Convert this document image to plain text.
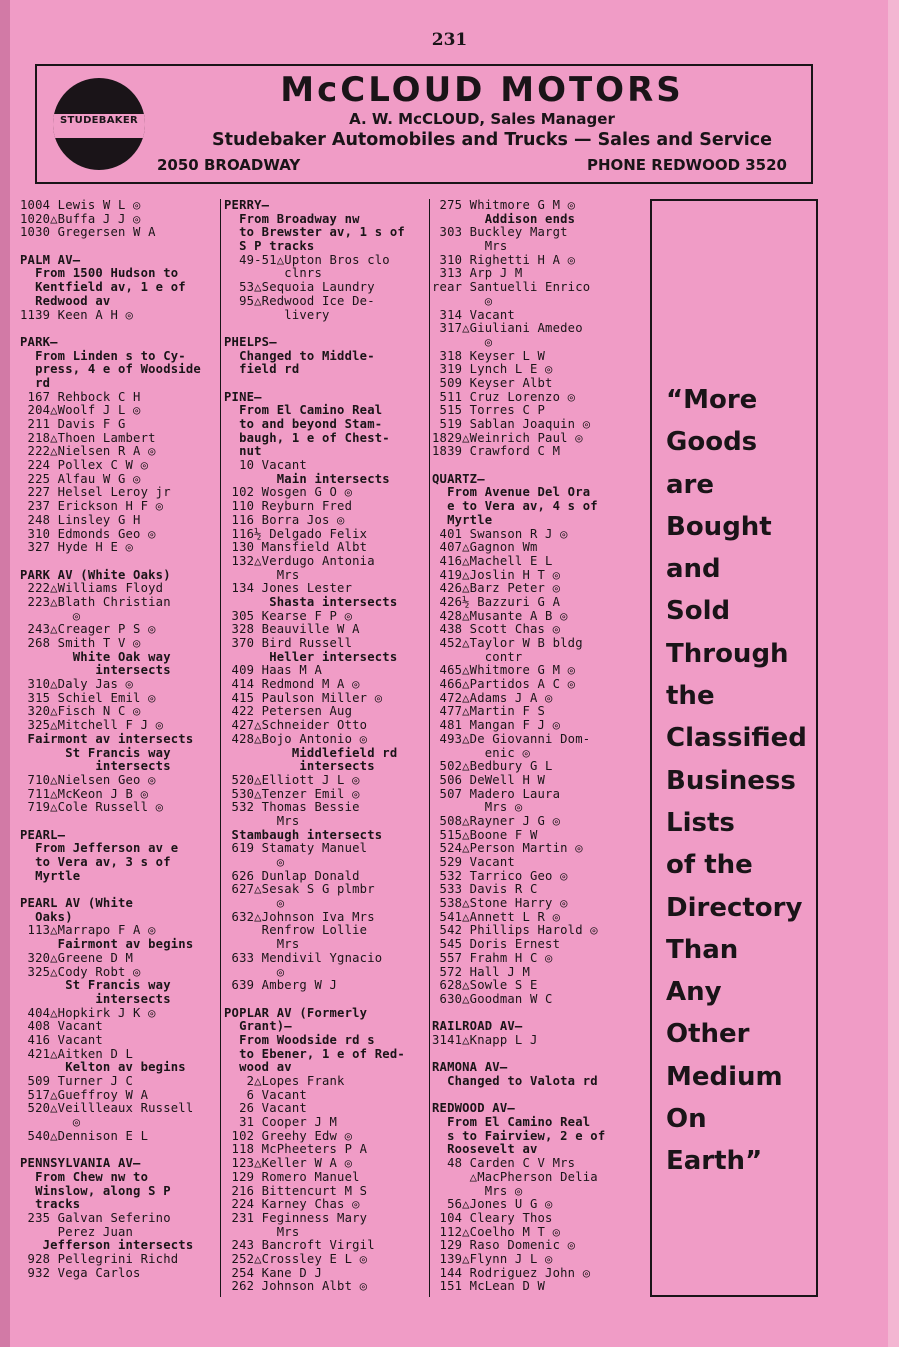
231
STUDEBAKER
McCLOUD MOTORS
A. W. McCLOUD, Sales Manager
Studebaker Automobiles and Trucks — Sales and Service
2050 BROADWAY	PHONE REDWOOD 3520
1004 Lewis W L ◎
1020△Buffa J J ◎
1030 Gregersen W A
PALM AV—
From 1500 Hudson to
Kentfield av, 1 e of
Redwood av
1139 Keen A H ◎
PARK—
From Linden s to Cy-
press, 4 e of Woodside
rd
167 Rehbock C H
204△Woolf J L ◎
211 Davis F G
218△Thoen Lambert
222△Nielsen R A ◎
224 Pollex C W ◎
225 Alfau W G ◎
227 Helsel Leroy jr
237 Erickson H F ◎
248 Linsley G H
310 Edmonds Geo ◎
327 Hyde H E ◎
PARK AV (White Oaks)
222△Williams Floyd
223△Blath Christian
◎
243△Creager P S ◎
268 Smith T V ◎
White Oak way
intersects
310△Daly Jas ◎
315 Schiel Emil ◎
320△Fisch N C ◎
325△Mitchell F J ◎
Fairmont av intersects
St Francis way
intersects
710△Nielsen Geo ◎
711△McKeon J B ◎
719△Cole Russell ◎
PEARL—
From Jefferson av e
to Vera av, 3 s of
Myrtle
PEARL AV (White
Oaks)
113△Marrapo F A ◎
Fairmont av begins
320△Greene D M
325△Cody Robt ◎
St Francis way
intersects
404△Hopkirk J K ◎
408 Vacant
416 Vacant
421△Aitken D L
Kelton av begins
509 Turner J C
517△Gueffroy W A
520△Veillleaux Russell
◎
540△Dennison E L
PENNSYLVANIA AV—
From Chew nw to
Winslow, along S P
tracks
235 Galvan Seferino
Perez Juan
Jefferson intersects
928 Pellegrini Richd
932 Vega Carlos
PERRY—
From Broadway nw
to Brewster av, 1 s of
S P tracks
49-51△Upton Bros clo
clnrs
53△Sequoia Laundry
95△Redwood Ice De-
livery
PHELPS—
Changed to Middle-
field rd
PINE—
From El Camino Real
to and beyond Stam-
baugh, 1 e of Chest-
nut
10 Vacant
Main intersects
102 Wosgen G O ◎
110 Reyburn Fred
116 Borra Jos ◎
116½ Delgado Felix
130 Mansfield Albt
132△Verdugo Antonia
Mrs
134 Jones Lester
Shasta intersects
305 Kearse F P ◎
328 Beauville W A
370 Bird Russell
Heller intersects
409 Haas M A
414 Redmond M A ◎
415 Paulson Miller ◎
422 Petersen Aug
427△Schneider Otto
428△Bojo Antonio ◎
Middlefield rd
intersects
520△Elliott J L ◎
530△Tenzer Emil ◎
532 Thomas Bessie
Mrs
Stambaugh intersects
619 Stamaty Manuel
◎
626 Dunlap Donald
627△Sesak S G plmbr
◎
632△Johnson Iva Mrs
Renfrow Lollie
Mrs
633 Mendivil Ygnacio
◎
639 Amberg W J
POPLAR AV (Formerly
Grant)—
From Woodside rd s
to Ebener, 1 e of Red-
wood av
2△Lopes Frank
6 Vacant
26 Vacant
31 Cooper J M
102 Greehy Edw ◎
118 McPheeters P A
123△Keller W A ◎
129 Romero Manuel
216 Bittencurt M S
224 Karney Chas ◎
231 Feginness Mary
Mrs
243 Bancroft Virgil
252△Crossley E L ◎
254 Kane D J
262 Johnson Albt ◎
275 Whitmore G M ◎
Addison ends
303 Buckley Margt
Mrs
310 Righetti H A ◎
313 Arp J M
rear Santuelli Enrico
◎
314 Vacant
317△Giuliani Amedeo
◎
318 Keyser L W
319 Lynch L E ◎
509 Keyser Albt
511 Cruz Lorenzo ◎
515 Torres C P
519 Sablan Joaquin ◎
1829△Weinrich Paul ◎
1839 Crawford C M
QUARTZ—
From Avenue Del Ora
e to Vera av, 4 s of
Myrtle
401 Swanson R J ◎
407△Gagnon Wm
416△Machell E L
419△Joslin H T ◎
426△Barz Peter ◎
426½ Bazzuri G A
428△Musante A B ◎
438 Scott Chas ◎
452△Taylor W B bldg
contr
465△Whitmore G M ◎
466△Partidos A C ◎
472△Adams J A ◎
477△Martin F S
481 Mangan F J ◎
493△De Giovanni Dom-
enic ◎
502△Bedbury G L
506 DeWell H W
507 Madero Laura
Mrs ◎
508△Rayner J G ◎
515△Boone F W
524△Person Martin ◎
529 Vacant
532 Tarrico Geo ◎
533 Davis R C
538△Stone Harry ◎
541△Annett L R ◎
542 Phillips Harold ◎
545 Doris Ernest
557 Frahm H C ◎
572 Hall J M
628△Sowle S E
630△Goodman W C
RAILROAD AV—
3141△Knapp L J
RAMONA AV—
Changed to Valota rd
REDWOOD AV—
From El Camino Real
s to Fairview, 2 e of
Roosevelt av
48 Carden C V Mrs
△MacPherson Delia
Mrs ◎
56△Jones U G ◎
104 Cleary Thos
112△Coelho M T ◎
129 Raso Domenic ◎
139△Flynn J L ◎
144 Rodriguez John ◎
151 McLean D W
“More
Goods
are
Bought
and
Sold
Through
the
Classified
Business
Lists
of the
Directory
Than
Any
Other
Medium
On
Earth”
